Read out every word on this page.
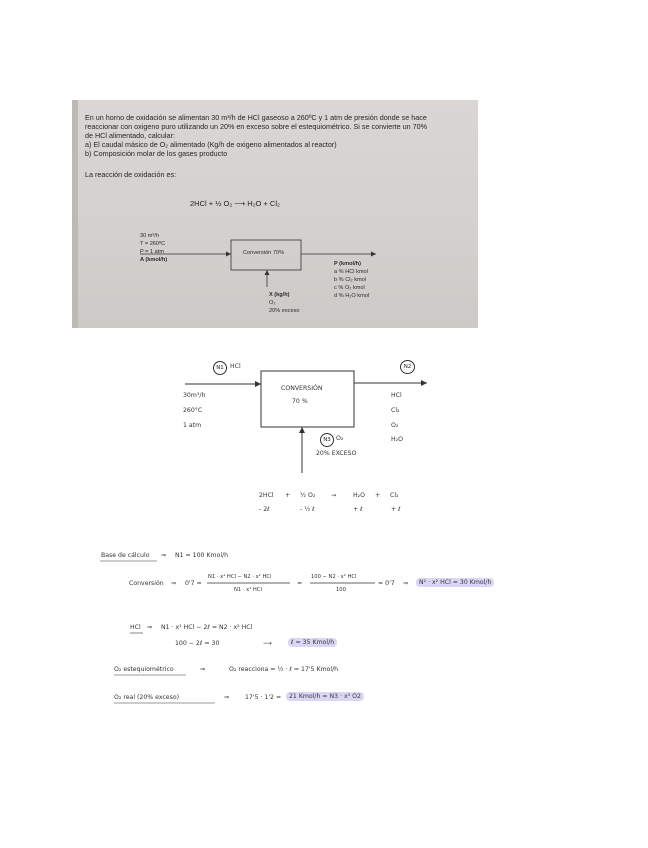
En un horno de oxidación se alimentan 30 m³/h de HCl gaseoso a 260ºC y 1 atm de presión donde se hace
reaccionar con oxigeno puro utilizando un 20% en exceso sobre el estequiométrico. Si se convierte un 70%
de HCl alimentado, calcular:
a) El caudal másico de O₂ alimentado (Kg/h de oxigeno alimentados al reactor)
b) Composición molar de los gases producto
La reacción de oxidación es:
2HCl + ½ O₂ ⟶ H₂O + Cl₂
30 m³/h
T = 260ºC
P = 1 atm
A (kmol/h)
Conversión 70%
P (kmol/h)
a % HCl kmol
b % Cl₂ kmol
c % O₂ kmol
d % H₂O kmol
X (kg/h)
O₂
20% exceso
N1 HCl	N2
N3 O₂
20% EXCESO
CONVERSIÓN
70 %
30m³/h
260°C
1 atm
HCl
Cl₂
O₂
H₂O
2HCl + ½ O₂	→	H₂O + Cl₂
- 2ℓ	- ½ ℓ	+ ℓ	+ ℓ
Base de cálculo ⇒ N1 = 100 Kmol/h
Conversión ⇒ 0'7 =
N1 · x¹ HCl − N2 · x² HCl
N1 · x¹ HCl
=
100 − N2 · x² HCl
100
= 0'7 ⇒	N² · x² HCl = 30 Kmol/h
HCl ⇒ N1 · x¹ HCl − 2ℓ = N2 · x² HCl
100 − 2ℓ = 30	⟶	ℓ = 35 Kmol/h
O₂ estequiométrico	⇒	O₂ reacciona = ½ · ℓ = 17'5 Kmol/h
O₂ real (20% exceso)	⇒	17'5 · 1'2 =	21 Kmol/h = N3 · x³ O2
